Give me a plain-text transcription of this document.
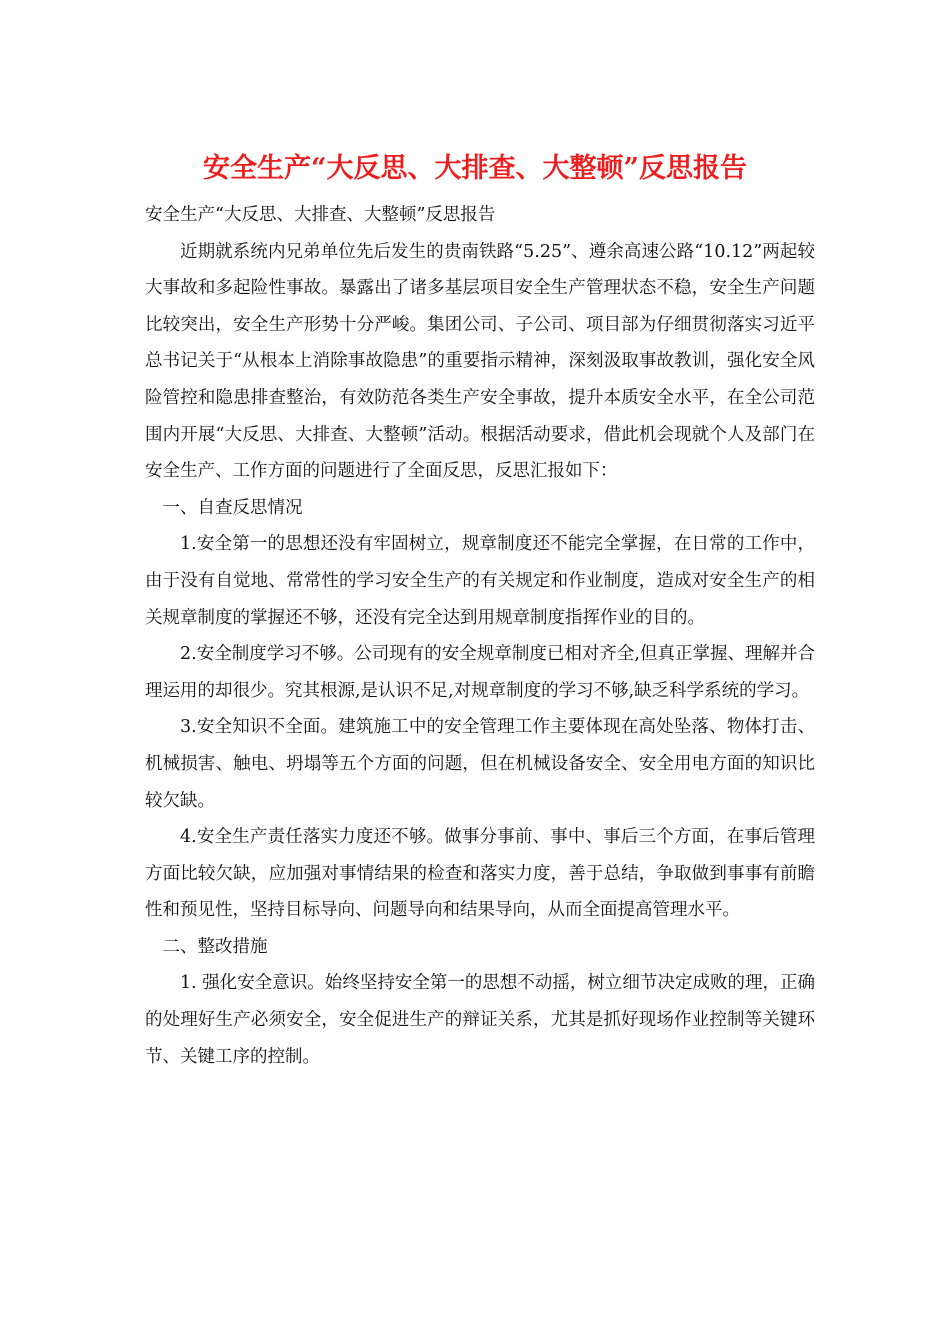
安全生产“大反思、大排查、大整顿”反思报告

安全生产“大反思、大排查、大整顿”反思报告

近期就系统内兄弟单位先后发生的贵南铁路“5.25”、遵余高速公路“10.12”两起较大事故和多起险性事故。暴露出了诸多基层项目安全生产管理状态不稳，安全生产问题比较突出，安全生产形势十分严峻。集团公司、子公司、项目部为仔细贯彻落实习近平总书记关于“从根本上消除事故隐患”的重要指示精神，深刻汲取事故教训，强化安全风险管控和隐患排查整治，有效防范各类生产安全事故，提升本质安全水平，在全公司范围内开展“大反思、大排查、大整顿”活动。根据活动要求，借此机会现就个人及部门在安全生产、工作方面的问题进行了全面反思，反思汇报如下：

一、自查反思情况

1.安全第一的思想还没有牢固树立，规章制度还不能完全掌握，在日常的工作中，由于没有自觉地、常常性的学习安全生产的有关规定和作业制度，造成对安全生产的相关规章制度的掌握还不够，还没有完全达到用规章制度指挥作业的目的。

2.安全制度学习不够。公司现有的安全规章制度已相对齐全,但真正掌握、理解并合理运用的却很少。究其根源,是认识不足,对规章制度的学习不够,缺乏科学系统的学习。

3.安全知识不全面。建筑施工中的安全管理工作主要体现在高处坠落、物体打击、机械损害、触电、坍塌等五个方面的问题，但在机械设备安全、安全用电方面的知识比较欠缺。

4.安全生产责任落实力度还不够。做事分事前、事中、事后三个方面，在事后管理方面比较欠缺，应加强对事情结果的检查和落实力度，善于总结，争取做到事事有前瞻性和预见性，坚持目标导向、问题导向和结果导向，从而全面提高管理水平。

二、整改措施

1. 强化安全意识。始终坚持安全第一的思想不动摇，树立细节决定成败的理，正确的处理好生产必须安全，安全促进生产的辩证关系，尤其是抓好现场作业控制等关键环节、关键工序的控制。
